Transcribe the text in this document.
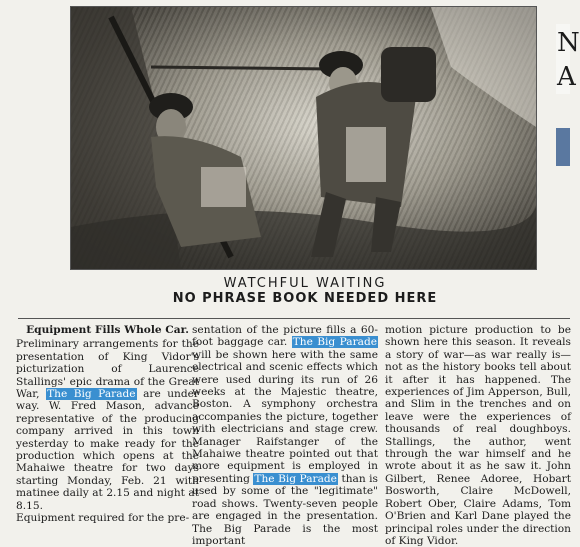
WATCHFUL WAITING
NO PHRASE BOOK NEEDED HERE
N
A

Equipment Fills Whole Car.

Preliminary arrangements for the presentation of King Vidor's picturization of Laurence Stallings' epic drama of the Great War, The Big Parade are under way. W. Fred Mason, advance representative of the producing company arrived in this town yesterday to make ready for the production which opens at the Mahaiwe theatre for two days starting Monday, Feb. 21 with matinee daily at 2.15 and night at 8.15.

Equipment required for the pre-

sentation of the picture fills a 60-foot baggage car. The Big Parade will be shown here with the same electrical and scenic effects which were used during its run of 26 weeks at the Majestic theatre, Boston. A symphony orchestra accompanies the picture, together with electricians and stage crew. Manager Raifstanger of the Mahaiwe theatre pointed out that more equipment is employed in presenting The Big Parade than is used by some of the "legitimate" road shows. Twenty-seven people are engaged in the presentation. The Big Parade is the most important

motion picture production to be shown here this season. It reveals a story of war—as war really is—not as the history books tell about it after it has happened. The experiences of Jim Apperson, Bull, and Slim in the trenches and on leave were the experiences of thousands of real doughboys. Stallings, the author, went through the war himself and he wrote about it as he saw it. John Gilbert, Renee Adoree, Hobart Bosworth, Claire McDowell, Robert Ober, Claire Adams, Tom O'Brien and Karl Dane played the principal roles under the direction of King Vidor.
